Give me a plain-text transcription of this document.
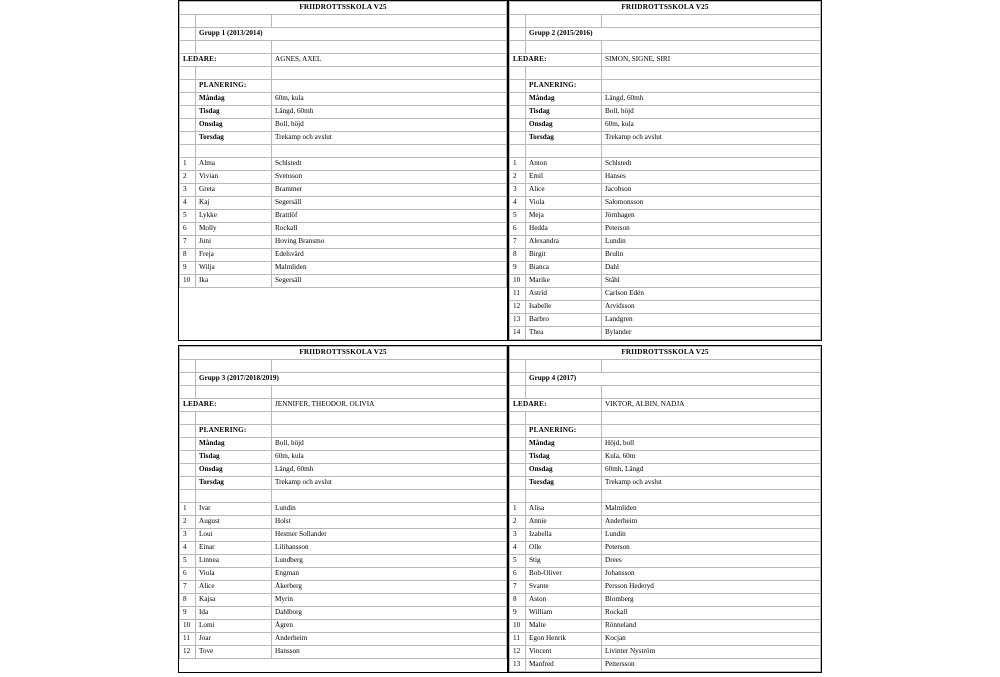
FRIIDROTTSSKOLA V25		

	Grupp 1 (2013/2014)	

LEDARE:		AGNES, AXEL

	PLANERING:	
	Måndag	60m, kula
	Tisdag	Längd, 60mh
	Onsdag	Boll, höjd
	Torsdag	Trekamp och avslut

1	Alma	Schlstedt
2	Vivian	Svensson
3	Greta	Brammer
4	Kaj	Segersäll
5	Lykke	Brattlöf
6	Molly	Rockall
7	Juni	Hoving Bransmo
8	Freja	Edelsvärd
9	Wilja	Malmliden
10	Ika	Segersäll
FRIIDROTTSSKOLA V25		

	Grupp 2 (2015/2016)	

LEDARE:		SIMON, SIGNE, SIRI

	PLANERING:	
	Måndag	Längd, 60mh
	Tisdag	Boll, höjd
	Onsdag	60m, kula
	Torsdag	Trekamp och avslut

1	Anton	Schlstedt
2	Emil	Hanses
3	Alice	Jacobson
4	Viola	Salomonsson
5	Meja	Jörnhagen
6	Hedda	Peterson
7	Alexandra	Lundin
8	Birgit	Brulin
9	Bianca	Dahl
10	Marike	Ståhl
11	Astrid	Carlson Edén
12	Isabelle	Arvidsson
13	Barbro	Landgren
14	Thea	Bylander
FRIIDROTTSSKOLA V25		

	Grupp 3 (2017/2018/2019)	

LEDARE:		JENNIFER, THEODOR, OLIVIA

	PLANERING:	
	Måndag	Boll, höjd
	Tisdag	60m, kula
	Onsdag	Längd, 60mh
	Torsdag	Trekamp och avslut

1	Ivar	Lundin
2	August	Holst
3	Loui	Hestner Sollander
4	Einar	Lilihansson
5	Linnea	Lundberg
6	Viola	Engman
7	Alice	Åkerberg
8	Kajsa	Myrin
9	Ida	Dahlborg
10	Lomi	Ågren
11	Joar	Anderheim
12	Tove	Hansson
FRIIDROTTSSKOLA V25		

	Grupp 4 (2017)	

LEDARE:		VIKTOR, ALBIN, NADJA

	PLANERING:	
	Måndag	Höjd, boll
	Tisdag	Kula, 60m
	Onsdag	60mh, Längd
	Torsdag	Trekamp och avslut

1	Alisa	Malmliden
2	Annie	Anderheim
3	Izabella	Lundin
4	Olle	Peterson
5	Stig	Drees
6	Bob-Oliver	Johansson
7	Svante	Persson Hederyd
8	Aston	Blomberg
9	William	Rockall
10	Malte	Rönneland
11	Egon Henrik	Kocjan
12	Vincent	Livinter Nyström
13	Manfred	Pettersson
